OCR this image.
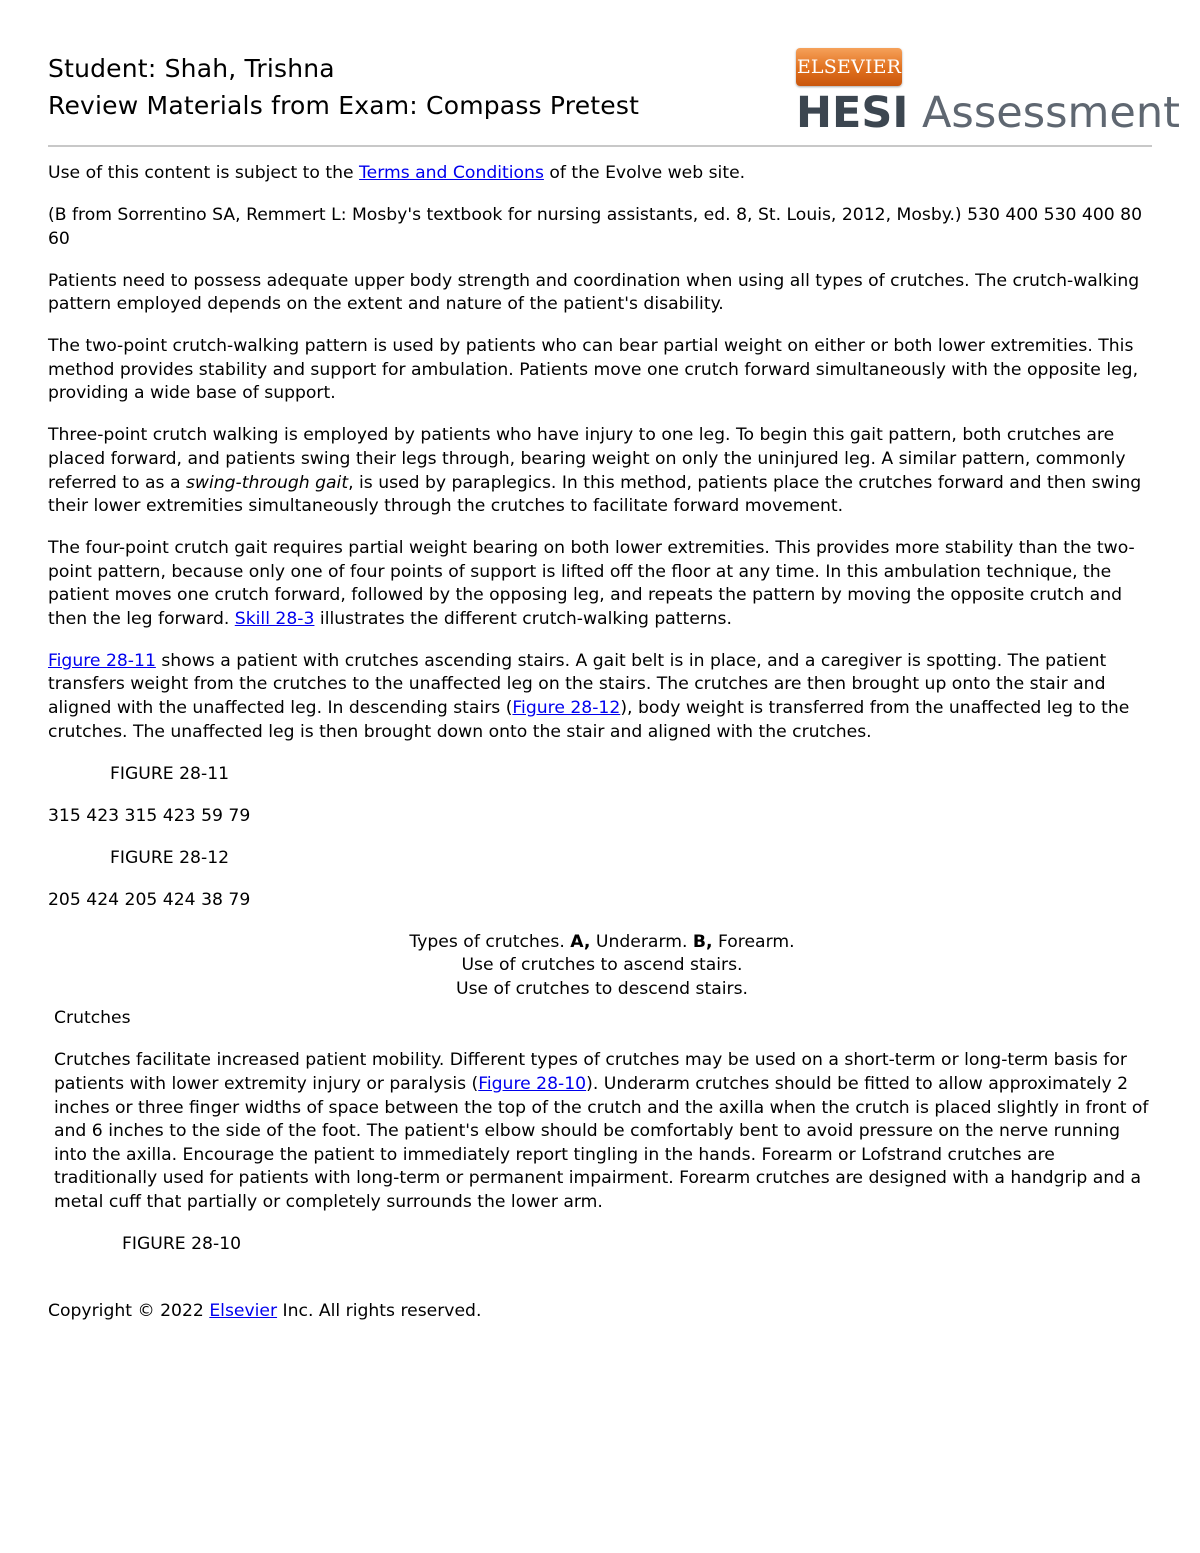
Student: Shah, Trishna
Review Materials from Exam: Compass Pretest
ELSEVIER
HESI Assessment

Use of this content is subject to the Terms and Conditions of the Evolve web site.

(B from Sorrentino SA, Remmert L: Mosby's textbook for nursing assistants, ed. 8, St. Louis, 2012, Mosby.) 530 400 530 400 80 60

Patients need to possess adequate upper body strength and coordination when using all types of crutches. The crutch-walking pattern employed depends on the extent and nature of the patient's disability.

The two-point crutch-walking pattern is used by patients who can bear partial weight on either or both lower extremities. This method provides stability and support for ambulation. Patients move one crutch forward simultaneously with the opposite leg, providing a wide base of support.

Three-point crutch walking is employed by patients who have injury to one leg. To begin this gait pattern, both crutches are placed forward, and patients swing their legs through, bearing weight on only the uninjured leg. A similar pattern, commonly referred to as a swing-through gait, is used by paraplegics. In this method, patients place the crutches forward and then swing their lower extremities simultaneously through the crutches to facilitate forward movement.

The four-point crutch gait requires partial weight bearing on both lower extremities. This provides more stability than the two-point pattern, because only one of four points of support is lifted off the floor at any time. In this ambulation technique, the patient moves one crutch forward, followed by the opposing leg, and repeats the pattern by moving the opposite crutch and then the leg forward. Skill 28-3 illustrates the different crutch-walking patterns.

Figure 28-11 shows a patient with crutches ascending stairs. A gait belt is in place, and a caregiver is spotting. The patient transfers weight from the crutches to the unaffected leg on the stairs. The crutches are then brought up onto the stair and aligned with the unaffected leg. In descending stairs (Figure 28-12), body weight is transferred from the unaffected leg to the crutches. The unaffected leg is then brought down onto the stair and aligned with the crutches.

FIGURE 28-11

315 423 315 423 59 79

FIGURE 28-12

205 424 205 424 38 79

Types of crutches. A, Underarm. B, Forearm.
Use of crutches to ascend stairs.
Use of crutches to descend stairs.

Crutches

Crutches facilitate increased patient mobility. Different types of crutches may be used on a short-term or long-term basis for patients with lower extremity injury or paralysis (Figure 28-10). Underarm crutches should be fitted to allow approximately 2 inches or three finger widths of space between the top of the crutch and the axilla when the crutch is placed slightly in front of and 6 inches to the side of the foot. The patient's elbow should be comfortably bent to avoid pressure on the nerve running into the axilla. Encourage the patient to immediately report tingling in the hands. Forearm or Lofstrand crutches are traditionally used for patients with long-term or permanent impairment. Forearm crutches are designed with a handgrip and a metal cuff that partially or completely surrounds the lower arm.

FIGURE 28-10

Copyright © 2022 Elsevier Inc. All rights reserved.
